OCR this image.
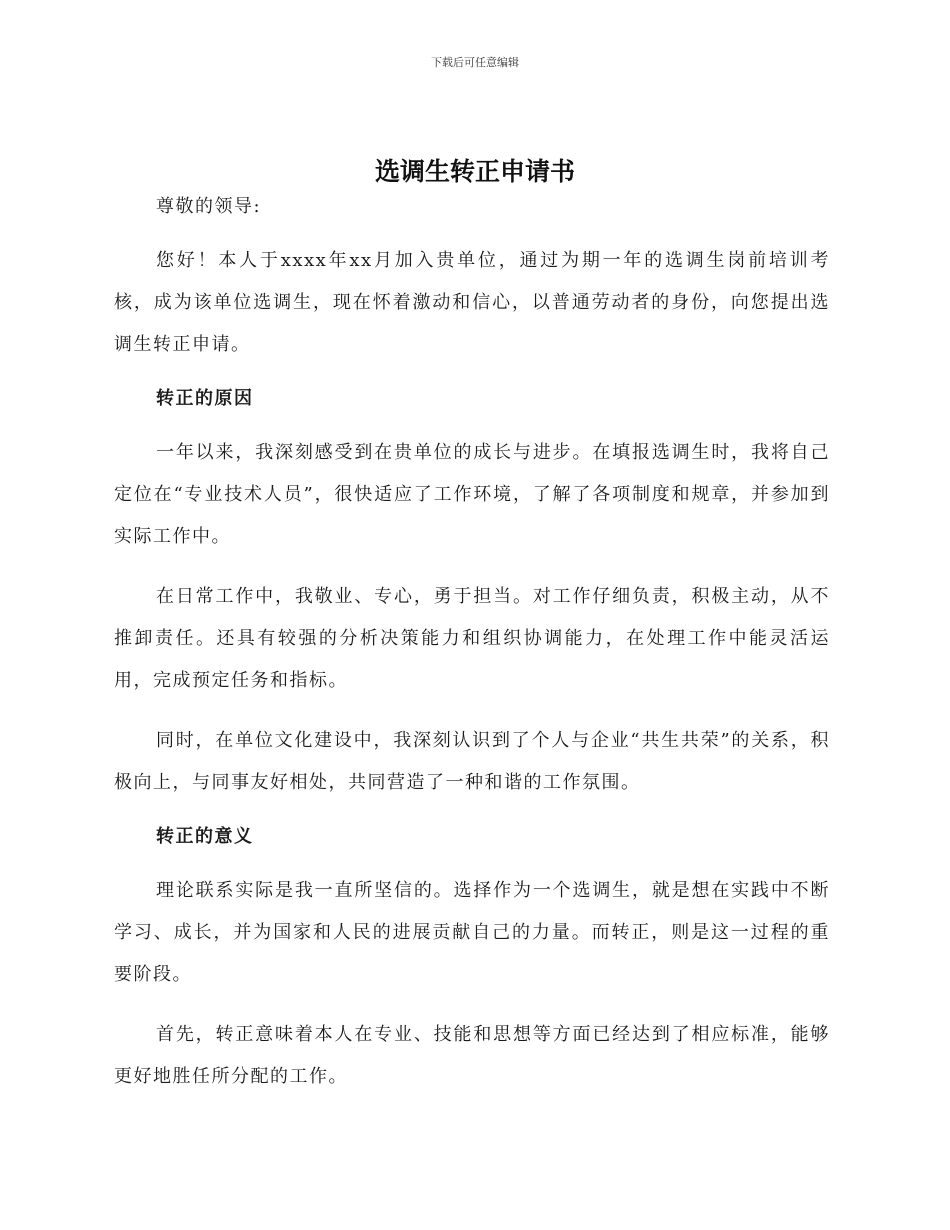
下载后可任意编辑
选调生转正申请书

尊敬的领导:

您好！本人于xxxx年xx月加入贵单位，通过为期一年的选调生岗前培训考核，成为该单位选调生，现在怀着激动和信心，以普通劳动者的身份，向您提出选调生转正申请。

转正的原因

一年以来，我深刻感受到在贵单位的成长与进步。在填报选调生时，我将自己定位在“专业技术人员”，很快适应了工作环境，了解了各项制度和规章，并参加到实际工作中。

在日常工作中，我敬业、专心，勇于担当。对工作仔细负责，积极主动，从不推卸责任。还具有较强的分析决策能力和组织协调能力，在处理工作中能灵活运用，完成预定任务和指标。

同时，在单位文化建设中，我深刻认识到了个人与企业“共生共荣”的关系，积极向上，与同事友好相处，共同营造了一种和谐的工作氛围。

转正的意义

理论联系实际是我一直所坚信的。选择作为一个选调生，就是想在实践中不断学习、成长，并为国家和人民的进展贡献自己的力量。而转正，则是这一过程的重要阶段。

首先，转正意味着本人在专业、技能和思想等方面已经达到了相应标准，能够更好地胜任所分配的工作。
